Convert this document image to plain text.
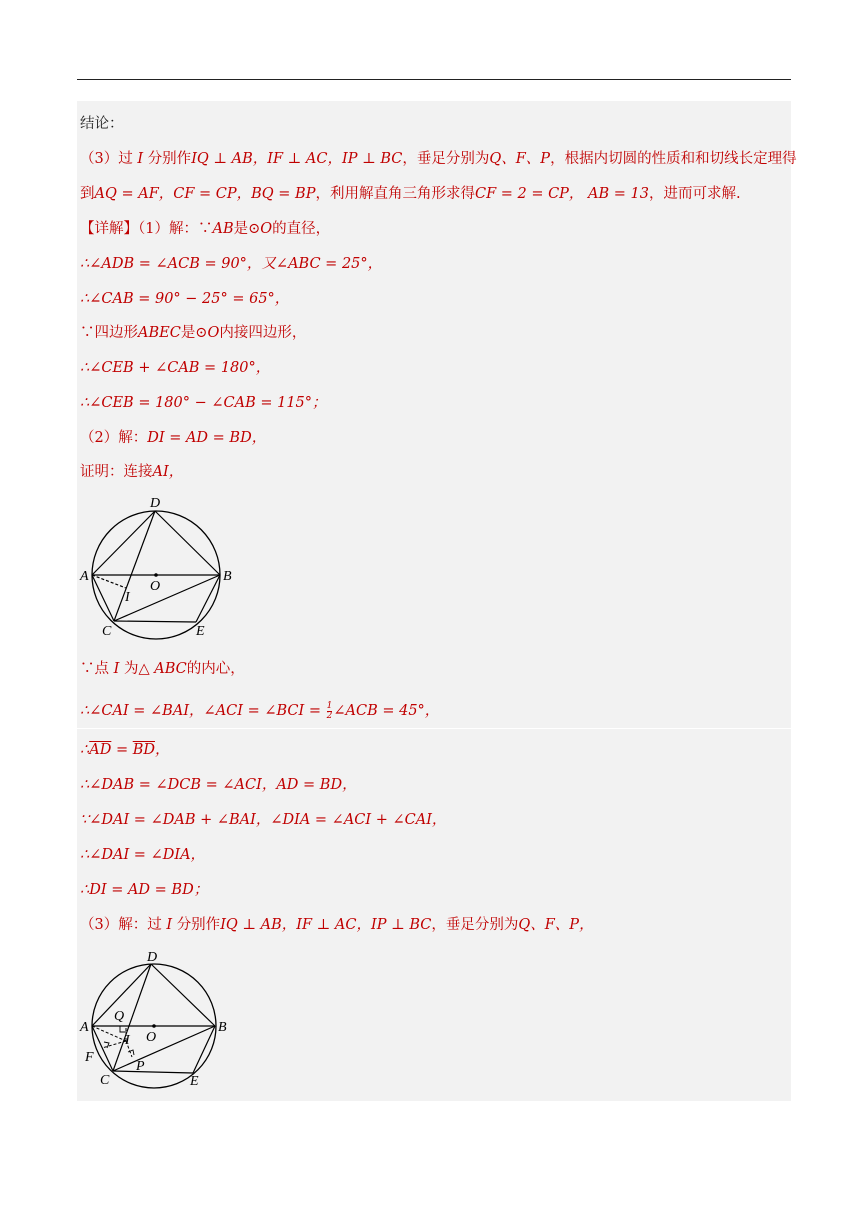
结论：
（3）过 I 分别作IQ ⊥ AB，IF ⊥ AC，IP ⊥ BC，垂足分别为Q、F、P，根据内切圆的性质和和切线长定理得
到AQ = AF，CF = CP，BQ = BP，利用解直角三角形求得CF = 2 = CP， AB = 13，进而可求解.
【详解】（1）解：∵AB是⊙O的直径，
∴∠ADB = ∠ACB = 90°，又∠ABC = 25°，
∴∠CAB = 90° − 25° = 65°，
∵四边形ABEC是⊙O内接四边形，
∴∠CEB + ∠CAB = 180°，
∴∠CEB = 180° − ∠CAB = 115°；
（2）解：DI = AD = BD，
证明：连接AI，
A	B
C
D
E
O
I
∵点 I 为△ ABC的内心，
∴∠CAI = ∠BAI，∠ACI = ∠BCI = $\frac{1}{2}$ ∠ACB = 45°，
$\therefore\overline{AD} = \overline{BD}$，
∴∠DAB = ∠DCB = ∠ACI，AD = BD，
∵∠DAI = ∠DAB + ∠BAI，∠DIA = ∠ACI + ∠CAI，
∴∠DAI = ∠DIA，
∴DI = AD = BD；
（3）解：过 I 分别作IQ ⊥ AB，IF ⊥ AC，IP ⊥ BC，垂足分别为Q、F、P，
A	B
C
D
E
O
I
Q
F
P
